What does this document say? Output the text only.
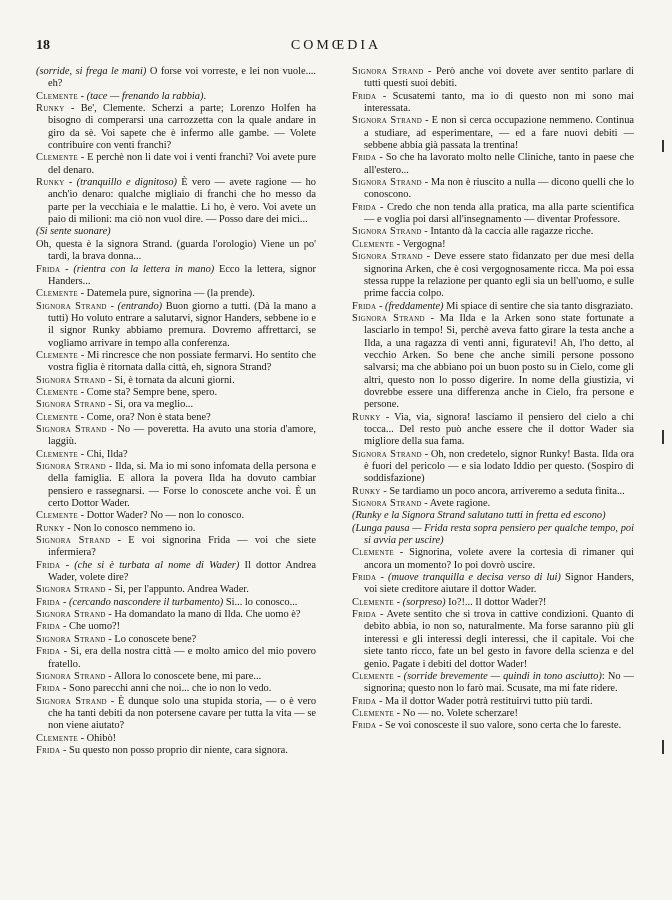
18	COMŒDIA

(sorride, si frega le mani) O forse voi vorreste, e lei non vuole.... eh?

Clemente - (tace — frenando la rabbia).

Runky - Be', Clemente. Scherzi a parte; Lorenzo Holfen ha bisogno di comperarsi una carrozzetta con la quale andare in giro da sè. Voi sapete che è infermo alle gambe. — Volete contribuire con venti franchi?

Clemente - E perchè non li date voi i venti franchi? Voi avete pure del denaro.

Runky - (tranquillo e dignitoso) È vero — avete ragione — ho anch'io denaro: qualche migliaio di franchi che ho messo da parte per la vecchiaia e le malattie. Li ho, è vero. Voi avete un paio di milioni: ma ciò non vuol dire. — Posso dare dei mici...

(Si sente suonare)

Oh, questa è la signora Strand. (guarda l'orologio) Viene un po' tardi, la brava donna...

Frida - (rientra con la lettera in mano) Ecco la lettera, signor Handers...

Clemente - Datemela pure, signorina — (la prende).

Signora Strand - (entrando) Buon giorno a tutti. (Dà la mano a tutti) Ho voluto entrare a salutarvi, signor Handers, sebbene io e il signor Runky abbiamo premura. Dovremo affrettarci, se vogliamo arrivare in tempo alla conferenza.

Clemente - Mi rincresce che non possiate fermarvi. Ho sentito che vostra figlia è ritornata dalla città, eh, signora Strand?

Signora Strand - Si, è tornata da alcuni giorni.

Clemente - Come sta? Sempre bene, spero.

Signora Strand - Si, ora va meglio...

Clemente - Come, ora? Non è stata bene?

Signora Strand - No — poveretta. Ha avuto una storia d'amore, laggiù.

Clemente - Chi, Ilda?

Signora Strand - Ilda, si. Ma io mi sono infomata della persona e della famiglia. E allora la povera Ilda ha dovuto cambiar pensiero e rassegnarsi. — Forse lo conoscete anche voi. È un certo Dottor Wader.

Clemente - Dottor Wader? No — non lo conosco.

Runky - Non lo conosco nemmeno io.

Signora Strand - E voi signorina Frida — voi che siete infermiera?

Frida - (che si è turbata al nome di Wader) Il dottor Andrea Wader, volete dire?

Signora Strand - Si, per l'appunto. Andrea Wader.

Frida - (cercando nascondere il turbamento) Si... lo conosco...

Signora Strand - Ha domandato la mano di Ilda. Che uomo è?

Frida - Che uomo?!

Signora Strand - Lo conoscete bene?

Frida - Si, era della nostra città — e molto amico del mio povero fratello.

Signora Strand - Allora lo conoscete bene, mi pare...

Frida - Sono parecchi anni che noi... che io non lo vedo.

Signora Strand - È dunque solo una stupida storia, — o è vero che ha tanti debiti da non potersene cavare per tutta la vita — se non viene aiutato?

Clemente - Ohibò!

Frida - Su questo non posso proprio dir niente, cara signora.

Signora Strand - Però anche voi dovete aver sentito parlare di tutti questi suoi debiti.

Frida - Scusatemi tanto, ma io di questo non mi sono mai interessata.

Signora Strand - E non si cerca occupazione nemmeno. Continua a studiare, ad esperimentare, — ed a fare nuovi debiti — sebbene abbia già passata la trentina!

Frida - So che ha lavorato molto nelle Cliniche, tanto in paese che all'estero...

Signora Strand - Ma non è riuscito a nulla — dicono quelli che lo conoscono.

Frida - Credo che non tenda alla pratica, ma alla parte scientifica — e voglia poi darsi all'insegnamento — diventar Professore.

Signora Strand - Intanto dà la caccia alle ragazze ricche.

Clemente - Vergogna!

Signora Strand - Deve essere stato fidanzato per due mesi della signorina Arken, che è così vergognosamente ricca. Ma poi essa stessa ruppe la relazione per quanto egli sia un bell'uomo, e sulle prime faccia colpo.

Frida - (freddamente) Mi spiace di sentire che sia tanto disgraziato.

Signora Strand - Ma Ilda e la Arken sono state fortunate a lasciarlo in tempo! Si, perchè aveva fatto girare la testa anche a Ilda, a una ragazza di venti anni, figuratevi! Ah, l'ho detto, al vecchio Arken. So bene che anche simili persone possono salvarsi; ma che abbiano poi un buon posto su in Cielo, come gli altri, questo non lo posso digerire. In nome della giustizia, vi dovrebbe essere una differenza anche in Cielo, fra persone e persone.

Runky - Via, via, signora! lasciamo il pensiero del cielo a chi tocca... Del resto può anche essere che il dottor Wader sia migliore della sua fama.

Signora Strand - Oh, non credetelo, signor Runky! Basta. Ilda ora è fuori del pericolo — e sia lodato Iddio per questo. (Sospiro di soddisfazione)

Runky - Se tardiamo un poco ancora, arriveremo a seduta finita...

Signora Strand - Avete ragione.

(Runky e la Signora Strand salutano tutti in fretta ed escono)

(Lunga pausa — Frida resta sopra pensiero per qualche tempo, poi si avvia per uscire)

Clemente - Signorina, volete avere la cortesia di rimaner qui ancora un momento? Io poi dovrò uscire.

Frida - (muove tranquilla e decisa verso di lui) Signor Handers, voi siete creditore aiutare il dottor Wader.

Clemente - (sorpreso) Io?!... Il dottor Wader?!

Frida - Avete sentito che si trova in cattive condizioni. Quanto di debito abbia, io non so, naturalmente. Ma forse saranno più gli interessi e gli interessi degli interessi, che il capitale. Voi che siete tanto ricco, fate un bel gesto in favore della scienza e del genio. Pagate i debiti del dottor Wader!

Clemente - (sorride brevemente — quindi in tono asciutto): No — signorina; questo non lo farò mai. Scusate, ma mi fate ridere.

Frida - Ma il dottor Wader potrà restituirvi tutto più tardi.

Clemente - No — no. Volete scherzare!

Frida - Se voi conosceste il suo valore, sono certa che lo fareste.
